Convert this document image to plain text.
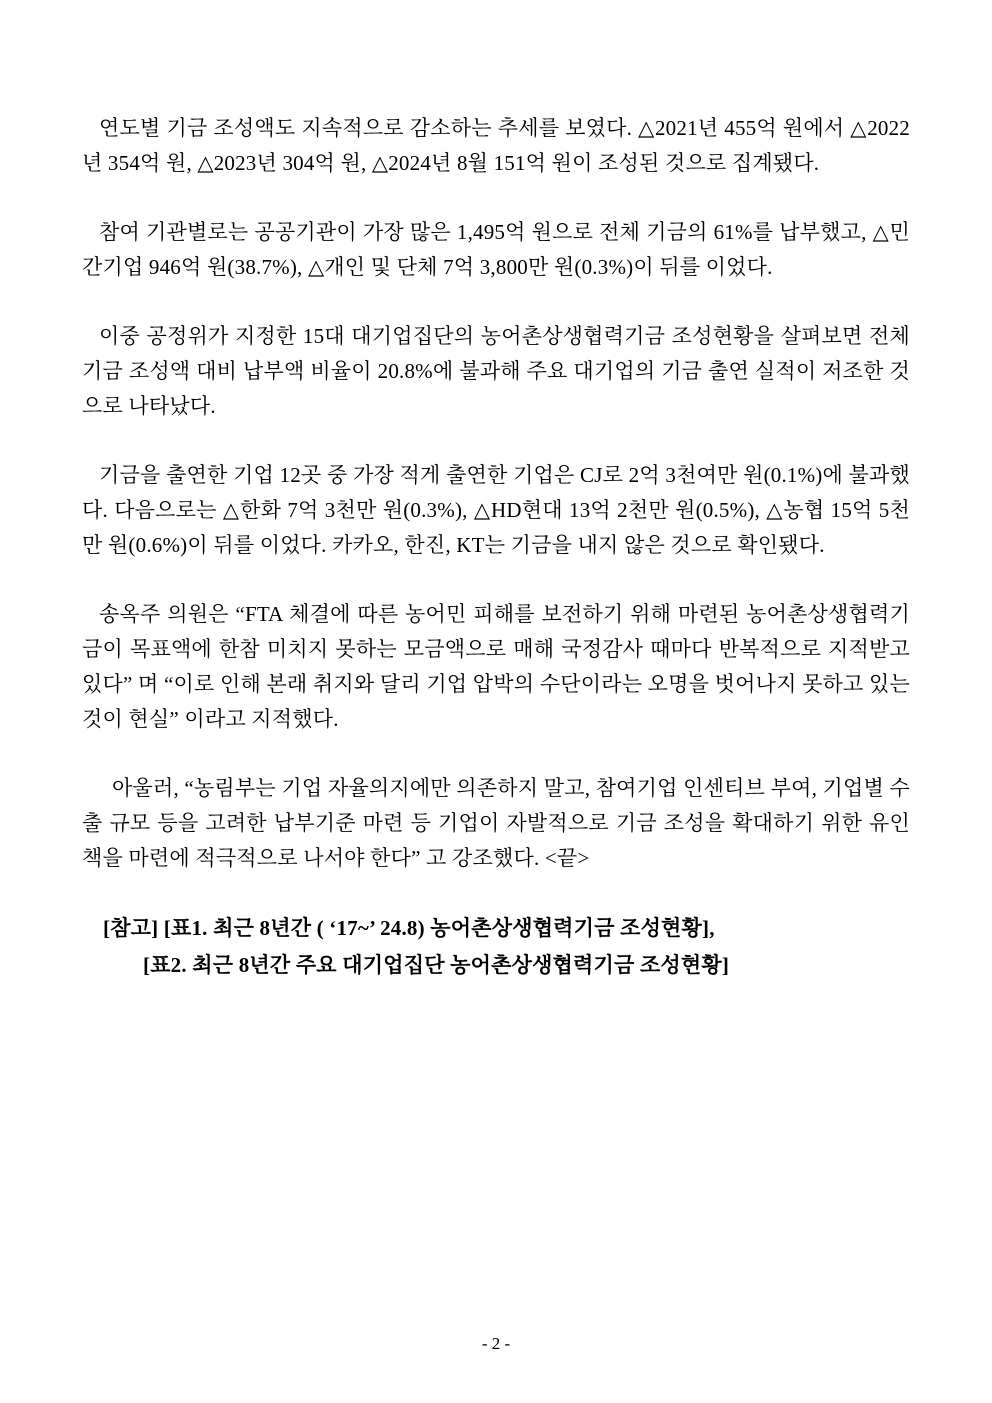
연도별 기금 조성액도 지속적으로 감소하는 추세를 보였다. △2021년 455억 원에서 △2022년 354억 원, △2023년 304억 원, △2024년 8월 151억 원이 조성된 것으로 집계됐다.

참여 기관별로는 공공기관이 가장 많은 1,495억 원으로 전체 기금의 61%를 납부했고, △민간기업 946억 원(38.7%), △개인 및 단체 7억 3,800만 원(0.3%)이 뒤를 이었다.

이중 공정위가 지정한 15대 대기업집단의 농어촌상생협력기금 조성현황을 살펴보면 전체 기금 조성액 대비 납부액 비율이 20.8%에 불과해 주요 대기업의 기금 출연 실적이 저조한 것으로 나타났다.

기금을 출연한 기업 12곳 중 가장 적게 출연한 기업은 CJ로 2억 3천여만 원(0.1%)에 불과했다. 다음으로는 △한화 7억 3천만 원(0.3%), △HD현대 13억 2천만 원(0.5%), △농협 15억 5천만 원(0.6%)이 뒤를 이었다. 카카오, 한진, KT는 기금을 내지 않은 것으로 확인됐다.

송옥주 의원은 “FTA 체결에 따른 농어민 피해를 보전하기 위해 마련된 농어촌상생협력기금이 목표액에 한참 미치지 못하는 모금액으로 매해 국정감사 때마다 반복적으로 지적받고 있다” 며 “이로 인해 본래 취지와 달리 기업 압박의 수단이라는 오명을 벗어나지 못하고 있는 것이 현실” 이라고 지적했다.

아울러, “농림부는 기업 자율의지에만 의존하지 말고, 참여기업 인센티브 부여, 기업별 수출 규모 등을 고려한 납부기준 마련 등 기업이 자발적으로 기금 조성을 확대하기 위한 유인책을 마련에 적극적으로 나서야 한다” 고 강조했다. <끝>

[참고] [표1. 최근 8년간 ( ‘17~’ 24.8) 농어촌상생협력기금 조성현황],

[표2. 최근 8년간 주요 대기업집단 농어촌상생협력기금 조성현황]

- 2 -
